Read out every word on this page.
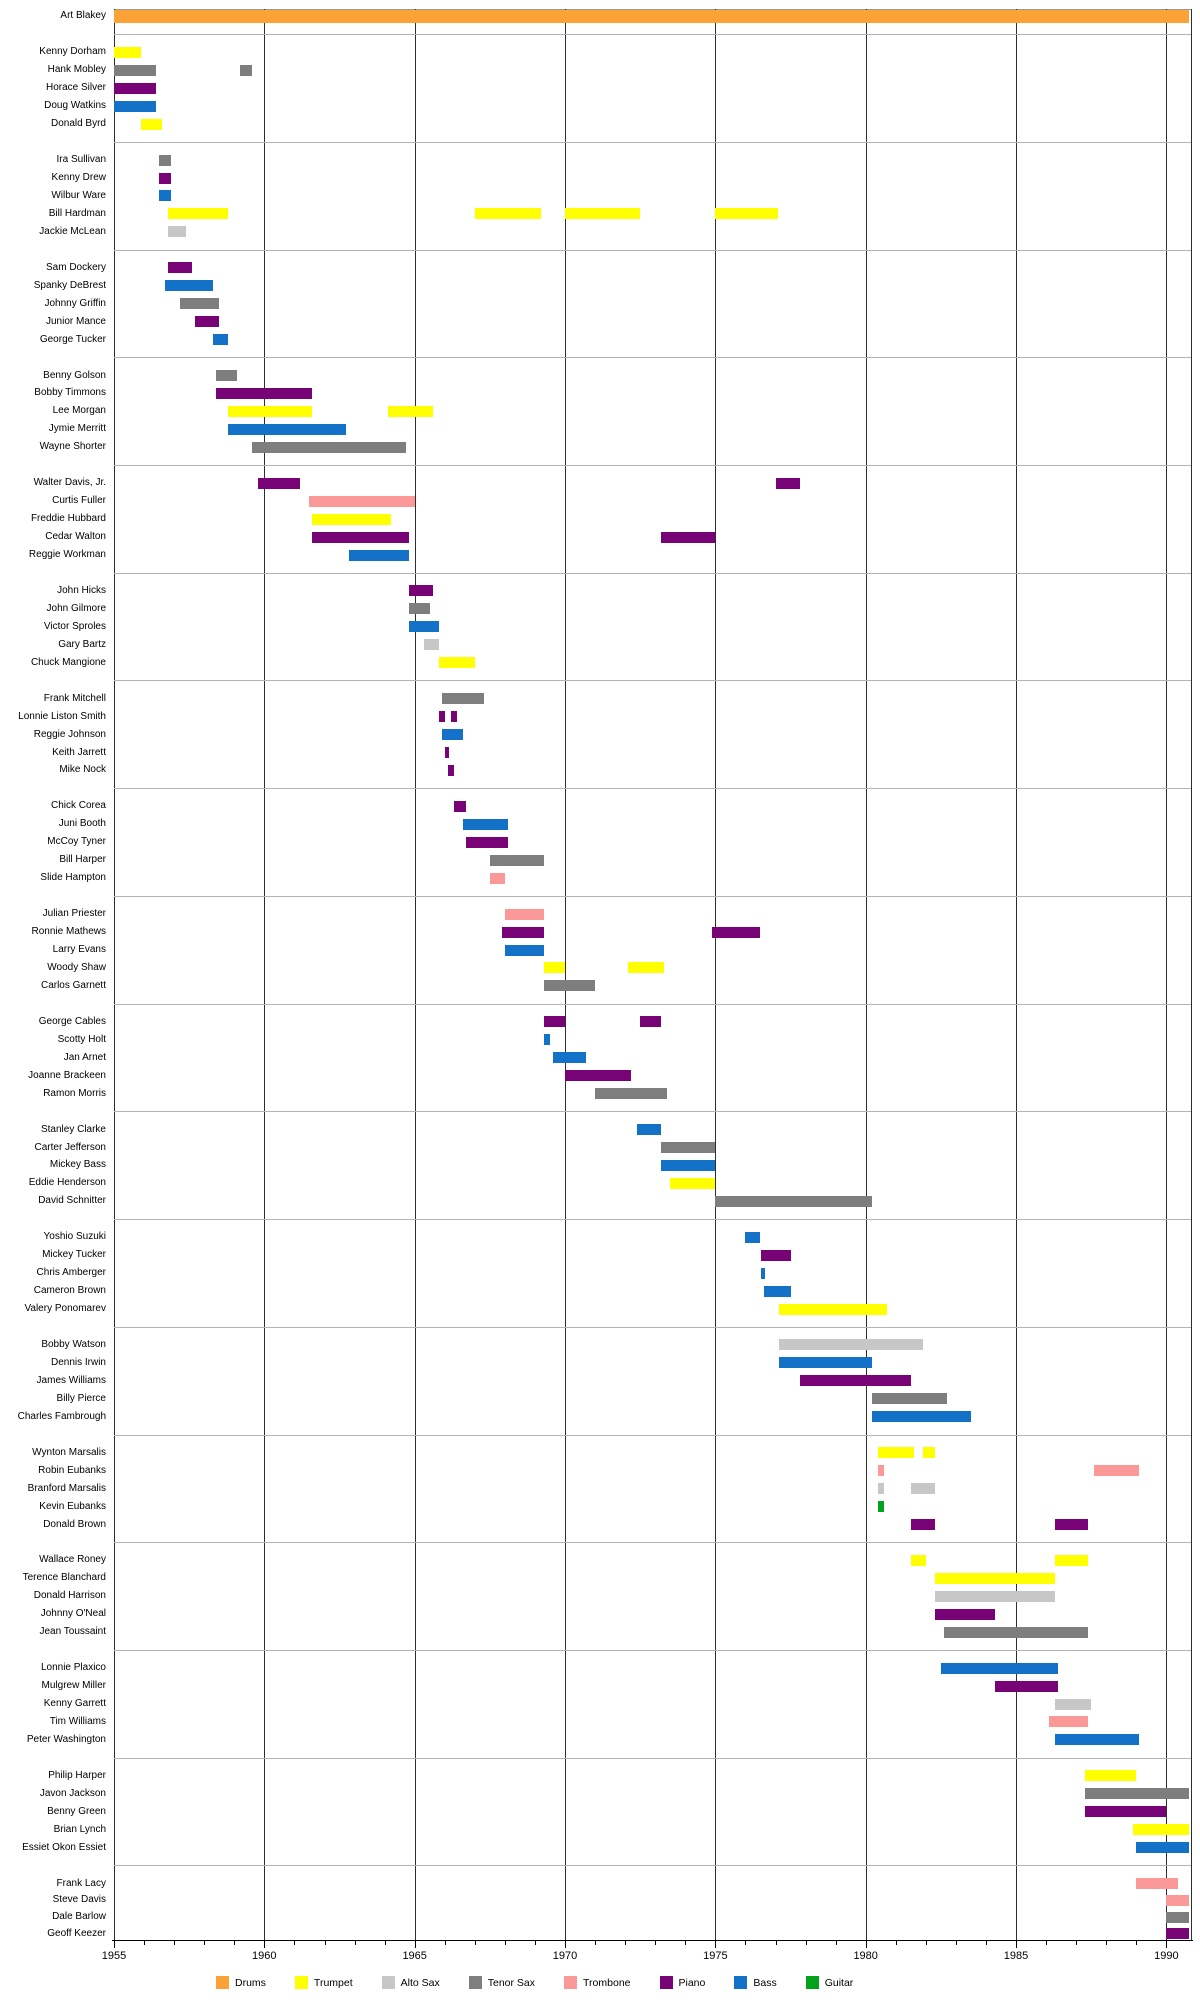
1955	1960	1965	1970	1975	1980	1985	1990
Art Blakey
Kenny Dorham
Hank Mobley
Horace Silver
Doug Watkins
Donald Byrd
Ira Sullivan
Kenny Drew
Wilbur Ware
Bill Hardman
Jackie McLean
Sam Dockery
Spanky DeBrest
Johnny Griffin
Junior Mance
George Tucker
Benny Golson
Bobby Timmons
Lee Morgan
Jymie Merritt
Wayne Shorter
Walter Davis, Jr.
Curtis Fuller
Freddie Hubbard
Cedar Walton
Reggie Workman
John Hicks
John Gilmore
Victor Sproles
Gary Bartz
Chuck Mangione
Frank Mitchell
Lonnie Liston Smith
Reggie Johnson
Keith Jarrett
Mike Nock
Chick Corea
Juni Booth
McCoy Tyner
Bill Harper
Slide Hampton
Julian Priester
Ronnie Mathews
Larry Evans
Woody Shaw
Carlos Garnett
George Cables
Scotty Holt
Jan Arnet
Joanne Brackeen
Ramon Morris
Stanley Clarke
Carter Jefferson
Mickey Bass
Eddie Henderson
David Schnitter
Yoshio Suzuki
Mickey Tucker
Chris Amberger
Cameron Brown
Valery Ponomarev
Bobby Watson
Dennis Irwin
James Williams
Billy Pierce
Charles Fambrough
Wynton Marsalis
Robin Eubanks
Branford Marsalis
Kevin Eubanks
Donald Brown
Wallace Roney
Terence Blanchard
Donald Harrison
Johnny O'Neal
Jean Toussaint
Lonnie Plaxico
Mulgrew Miller
Kenny Garrett
Tim Williams
Peter Washington
Philip Harper
Javon Jackson
Benny Green
Brian Lynch
Essiet Okon Essiet
Frank Lacy
Steve Davis
Dale Barlow
Geoff Keezer
Drums	Trumpet	Alto Sax	Tenor Sax	Trombone	Piano	Bass	Guitar
